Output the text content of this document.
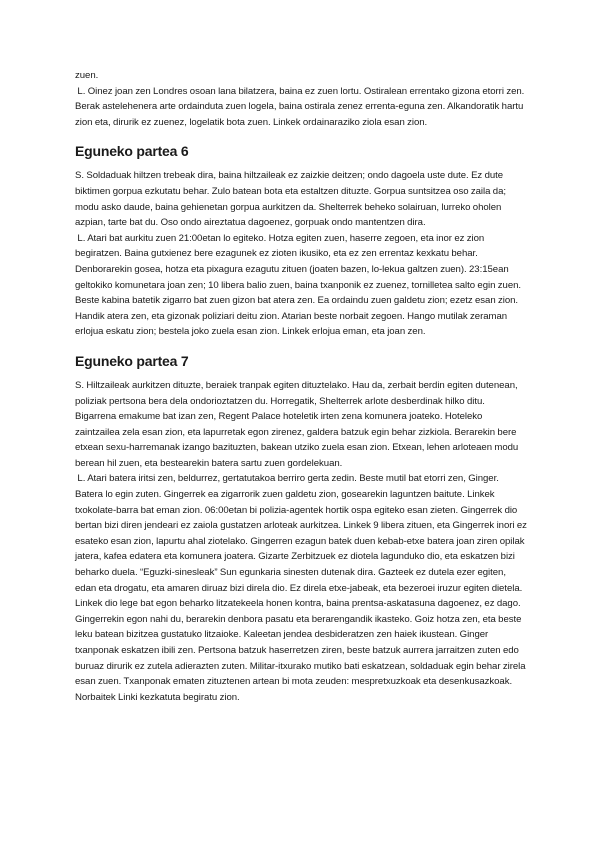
zuen.

L. Oinez joan zen Londres osoan lana bilatzera, baina ez zuen lortu. Ostiralean errentako gizona etorri zen. Berak astelehenera arte ordainduta zuen logela, baina ostirala zenez errenta-eguna zen. Alkandoratik hartu zion eta, dirurik ez zuenez, logelatik bota zuen. Linkek ordainaraziko ziola esan zion.

Eguneko partea 6

S. Soldaduak hiltzen trebeak dira, baina hiltzaileak ez zaizkie deitzen; ondo dagoela uste dute. Ez dute biktimen gorpua ezkutatu behar. Zulo batean bota eta estaltzen dituzte. Gorpua suntsitzea oso zaila da; modu asko daude, baina gehienetan gorpua aurkitzen da. Shelterrek beheko solairuan, lurreko oholen azpian, tarte bat du. Oso ondo aireztatua dagoenez, gorpuak ondo mantentzen dira.

L. Atari bat aurkitu zuen 21:00etan lo egiteko. Hotza egiten zuen, haserre zegoen, eta inor ez zion begiratzen. Baina gutxienez bere ezagunek ez zioten ikusiko, eta ez zen errentaz kexkatu behar. Denborarekin gosea, hotza eta pixagura ezagutu zituen (joaten bazen, lo-lekua galtzen zuen). 23:15ean geltokiko komunetara joan zen; 10 libera balio zuen, baina txanponik ez zuenez, tornilletea salto egin zuen. Beste kabina batetik zigarro bat zuen gizon bat atera zen. Ea ordaindu zuen galdetu zion; ezetz esan zion. Handik atera zen, eta gizonak poliziari deitu zion. Atarian beste norbait zegoen. Hango mutilak zeraman erlojua eskatu zion; bestela joko zuela esan zion. Linkek erlojua eman, eta joan zen.

Eguneko partea 7

S. Hiltzaileak aurkitzen dituzte, beraiek tranpak egiten dituztelako. Hau da, zerbait berdin egiten dutenean, poliziak pertsona bera dela ondorioztatzen du. Horregatik, Shelterrek arlote desberdinak hilko ditu. Bigarrena emakume bat izan zen, Regent Palace hoteletik irten zena komunera joateko. Hoteleko zaintzailea zela esan zion, eta lapurretak egon zirenez, galdera batzuk egin behar zizkiola. Berarekin bere etxean sexu-harremanak izango bazituzten, bakean utziko zuela esan zion. Etxean, lehen arloteaen modu berean hil zuen, eta bestearekin batera sartu zuen gordelekuan.

L. Atari batera iritsi zen, beldurrez, gertatutakoa berriro gerta zedin. Beste mutil bat etorri zen, Ginger. Batera lo egin zuten. Gingerrek ea zigarrorik zuen galdetu zion, gosearekin laguntzen baitute. Linkek txokolate-barra bat eman zion. 06:00etan bi polizia-agentek hortik ospa egiteko esan zieten. Gingerrek dio bertan bizi diren jendeari ez zaiola gustatzen arloteak aurkitzea. Linkek 9 libera zituen, eta Gingerrek inori ez esateko esan zion, lapurtu ahal ziotelako. Gingerren ezagun batek duen kebab-etxe batera joan ziren opilak jatera, kafea edatera eta komunera joatera. Gizarte Zerbitzuek ez diotela lagunduko dio, eta eskatzen bizi beharko duela. “Eguzki-sinesleak” Sun egunkaria sinesten dutenak dira. Gazteek ez dutela ezer egiten, edan eta drogatu, eta amaren diruaz bizi direla dio. Ez direla etxe-jabeak, eta bezeroei iruzur egiten dietela. Linkek dio lege bat egon beharko litzatekeela honen kontra, baina prentsa-askatasuna dagoenez, ez dago. Gingerrekin egon nahi du, berarekin denbora pasatu eta berarengandik ikasteko. Goiz hotza zen, eta beste leku batean bizitzea gustatuko litzaioke. Kaleetan jendea desbideratzen zen haiek ikustean. Ginger txanponak eskatzen ibili zen. Pertsona batzuk haserretzen ziren, beste batzuk aurrera jarraitzen zuten edo buruaz dirurik ez zutela adierazten zuten. Militar-itxurako mutiko bati eskatzean, soldaduak egin behar zirela esan zuen. Txanponak ematen zituztenen artean bi mota zeuden: mespretxuzkoak eta desenkusazkoak. Norbaitek Linki kezkatuta begiratu zion.
